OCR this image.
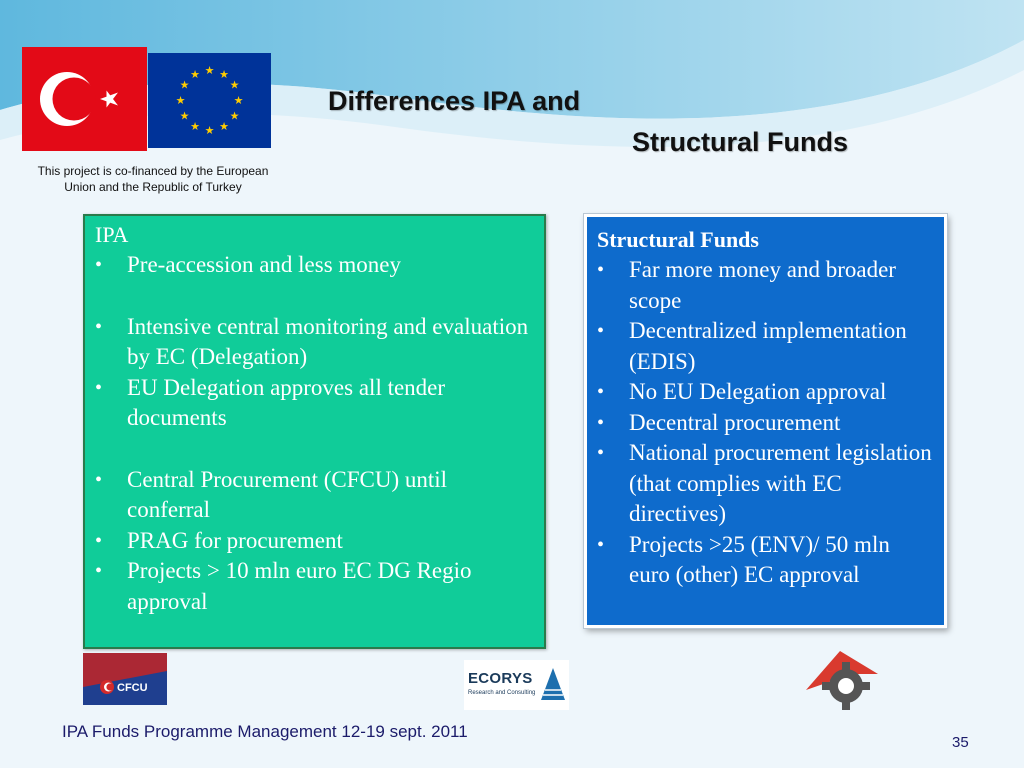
★ ★
★
★
★
★
★
★
★
★
★
★
This project is co-financed by the European
Union and the Republic of Turkey
Differences IPA and
Structural Funds
IPA
• Pre-accession and less money
• Intensive central monitoring and evaluation by EC (Delegation)
• EU Delegation approves all tender documents
• Central Procurement (CFCU) until conferral
• PRAG for procurement
• Projects > 10 mln euro EC DG Regio approval
Structural Funds
• Far more money and broader scope
• Decentralized implementation (EDIS)
• No EU Delegation approval
• Decentral procurement
• National procurement legislation (that complies with EC directives)
• Projects >25 (ENV)/ 50 mln euro (other) EC approval
CFCU
ECORYS
Research and Consulting
IPA Funds Programme Management 12-19 sept. 2011
35
